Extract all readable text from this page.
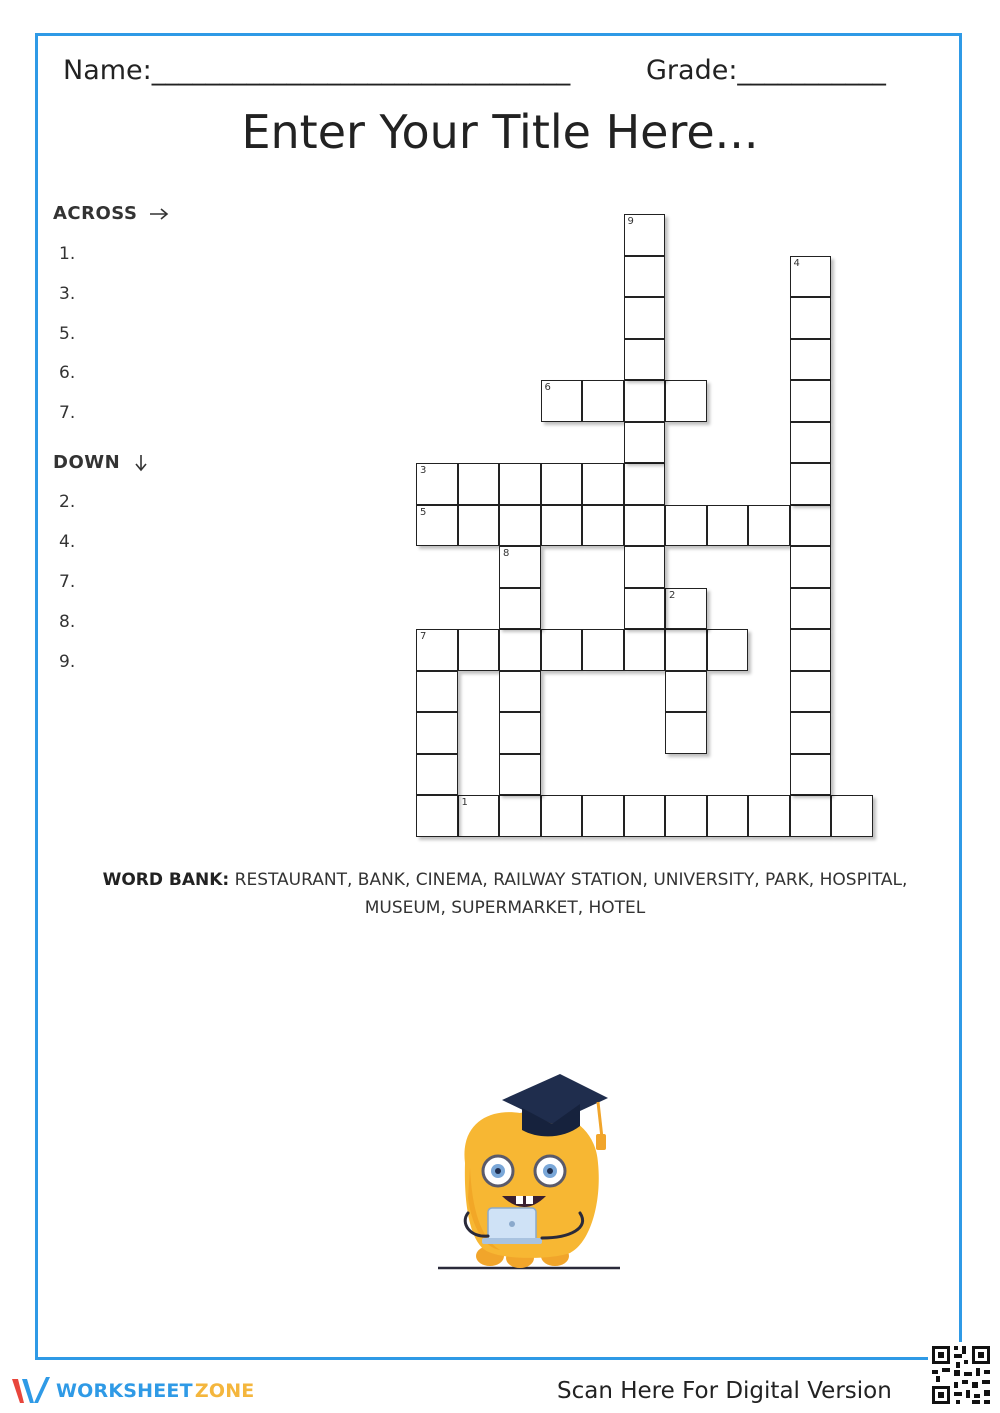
Name:_______________________________	Grade:___________
Enter Your Title Here...
ACROSS
1.
3.
5.
6.
7.
DOWN
2.
4.
7.
8.
9.
1
3
5
6
7
2
4
8
9
WORD BANK: RESTAURANT, BANK, CINEMA, RAILWAY STATION, UNIVERSITY, PARK, HOSPITAL, MUSEUM, SUPERMARKET, HOTEL
WORKSHEET  ZONE	Scan Here For Digital Version
